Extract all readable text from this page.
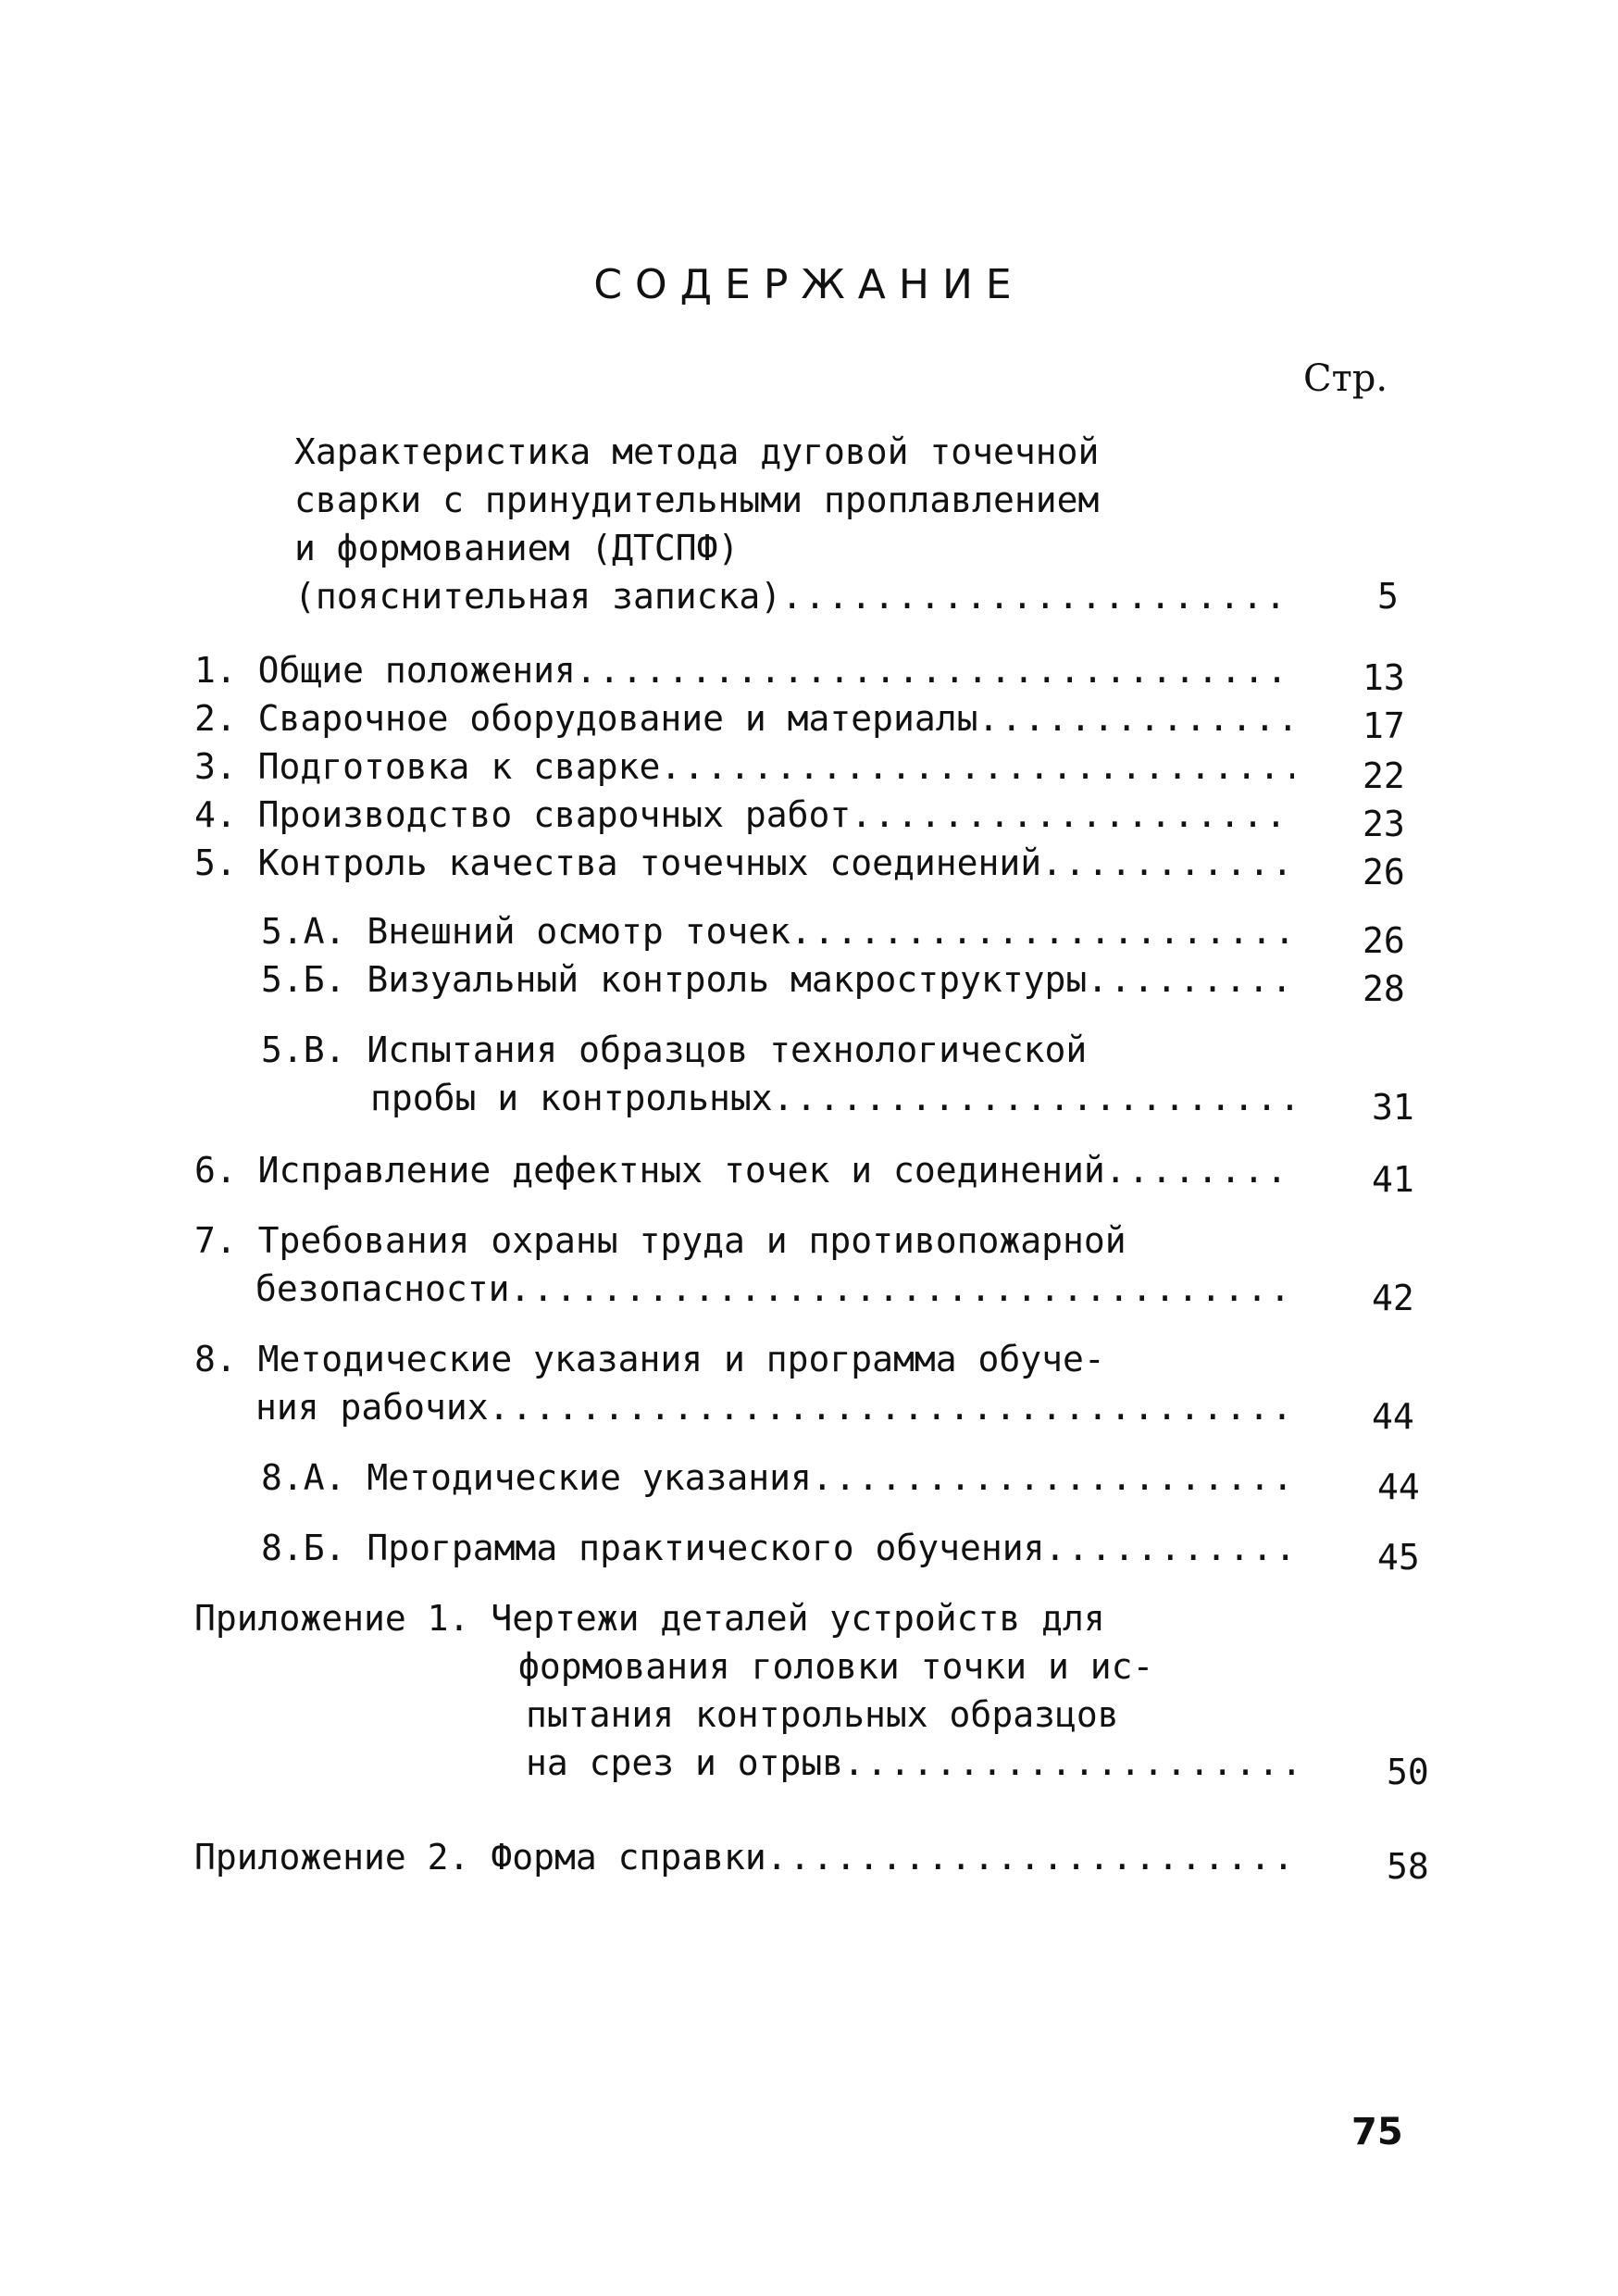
СОДЕРЖАНИЕ
Стр.
Характеристика метода дуговой точечной
сварки с принудительными проплавлением
и формованием (ДТСПФ)
(пояснительная записка) .....	5
1. Общие положения .....	13
2. Сварочное оборудование и материалы .....	17
3. Подготовка к сварке .....	22
4. Производство сварочных работ .....	23
5. Контроль качества точечных соединений .....	26
5.А. Внешний осмотр точек .....	26
5.Б. Визуальный контроль макроструктуры .....	28
5.В. Испытания образцов технологической
пробы и контрольных .....	31
6. Исправление дефектных точек и соединений .....	41
7. Требования охраны труда и противопожарной
безопасности .....	42
8. Методические указания и программа обуче-
ния рабочих .....	44
8.А. Методические указания .....	44
8.Б. Программа практического обучения .....	45
Приложение 1. Чертежи деталей устройств для
формования головки точки и ис-
пытания контрольных образцов
на срез и отрыв .....	50
Приложение 2. Форма справки .....	58
75
